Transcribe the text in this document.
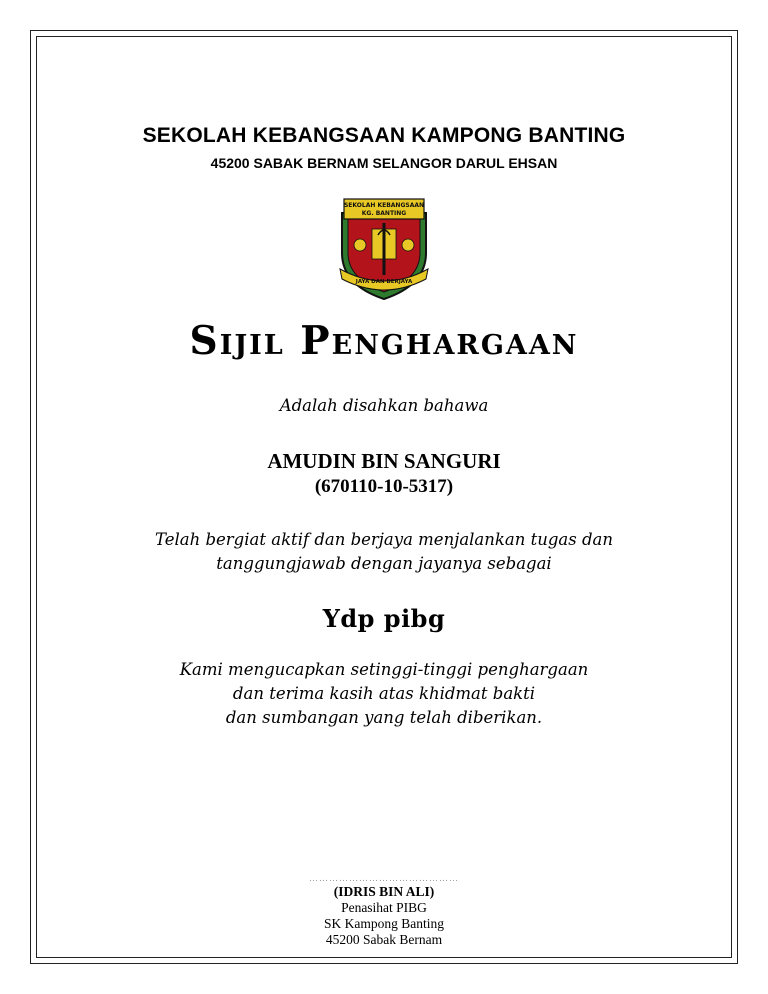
SEKOLAH KEBANGSAAN KAMPONG BANTING
45200 SABAK BERNAM SELANGOR DARUL EHSAN
SEKOLAH KEBANGSAAN
KG. BANTING
JAYA DAN BERJAYA
Sijil Penghargaan
Adalah disahkan bahawa
AMUDIN BIN SANGURI
(670110-10-5317)
Telah bergiat aktif dan berjaya menjalankan tugas dan
tanggungjawab dengan jayanya sebagai
Ydp pibg
Kami mengucapkan setinggi-tinggi penghargaan
dan terima kasih atas khidmat bakti
dan sumbangan yang telah diberikan.
………………………………………
(IDRIS BIN ALI)
Penasihat PIBG
SK Kampong Banting
45200 Sabak Bernam
